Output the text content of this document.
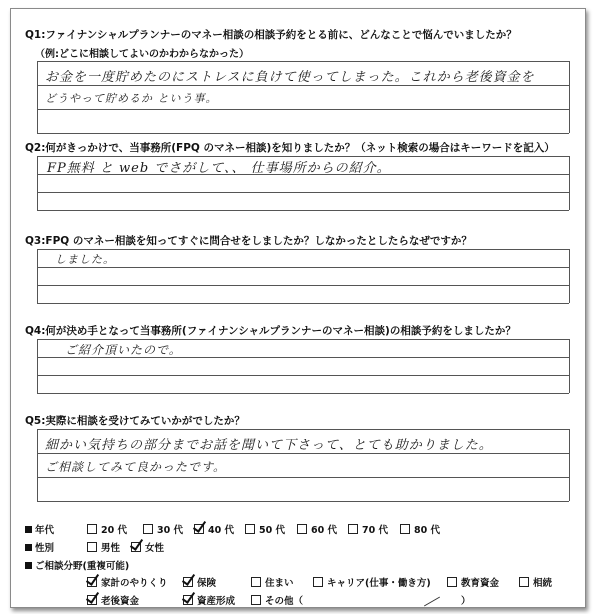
Q1:ファイナンシャルプランナーのマネー相談の相談予約をとる前に、どんなことで悩んでいましたか？
（例:どこに相談してよいのかわからなかった）
お金を一度貯めたのにストレスに負けて使ってしまった。これから老後資金を
どうやって貯めるか という事。
Q2:何がきっかけで、当事務所(FPQ のマネー相談)を知りましたか？（ネット検索の場合はキーワードを記入）
FP無料 と web でさがして、、 仕事場所からの紹介。
Q3:FPQ のマネー相談を知ってすぐに問合せをしましたか？しなかったとしたらなぜですか？
しました。
Q4:何が決め手となって当事務所(ファイナンシャルプランナーのマネー相談)の相談予約をしましたか？
ご紹介頂いたので。
Q5:実際に相談を受けてみていかがでしたか？
細かい気持ちの部分までお話を聞いて下さって、とても助かりました。
ご相談してみて良かったです。
年代	20 代	30 代	40 代	50 代	60 代	70 代	80 代
性別	男性	女性
ご相談分野(重複可能)
家計のやりくり	保険	住まい	キャリア(仕事・働き方)	教育資金	相続
老後資金	資産形成	その他（	）
